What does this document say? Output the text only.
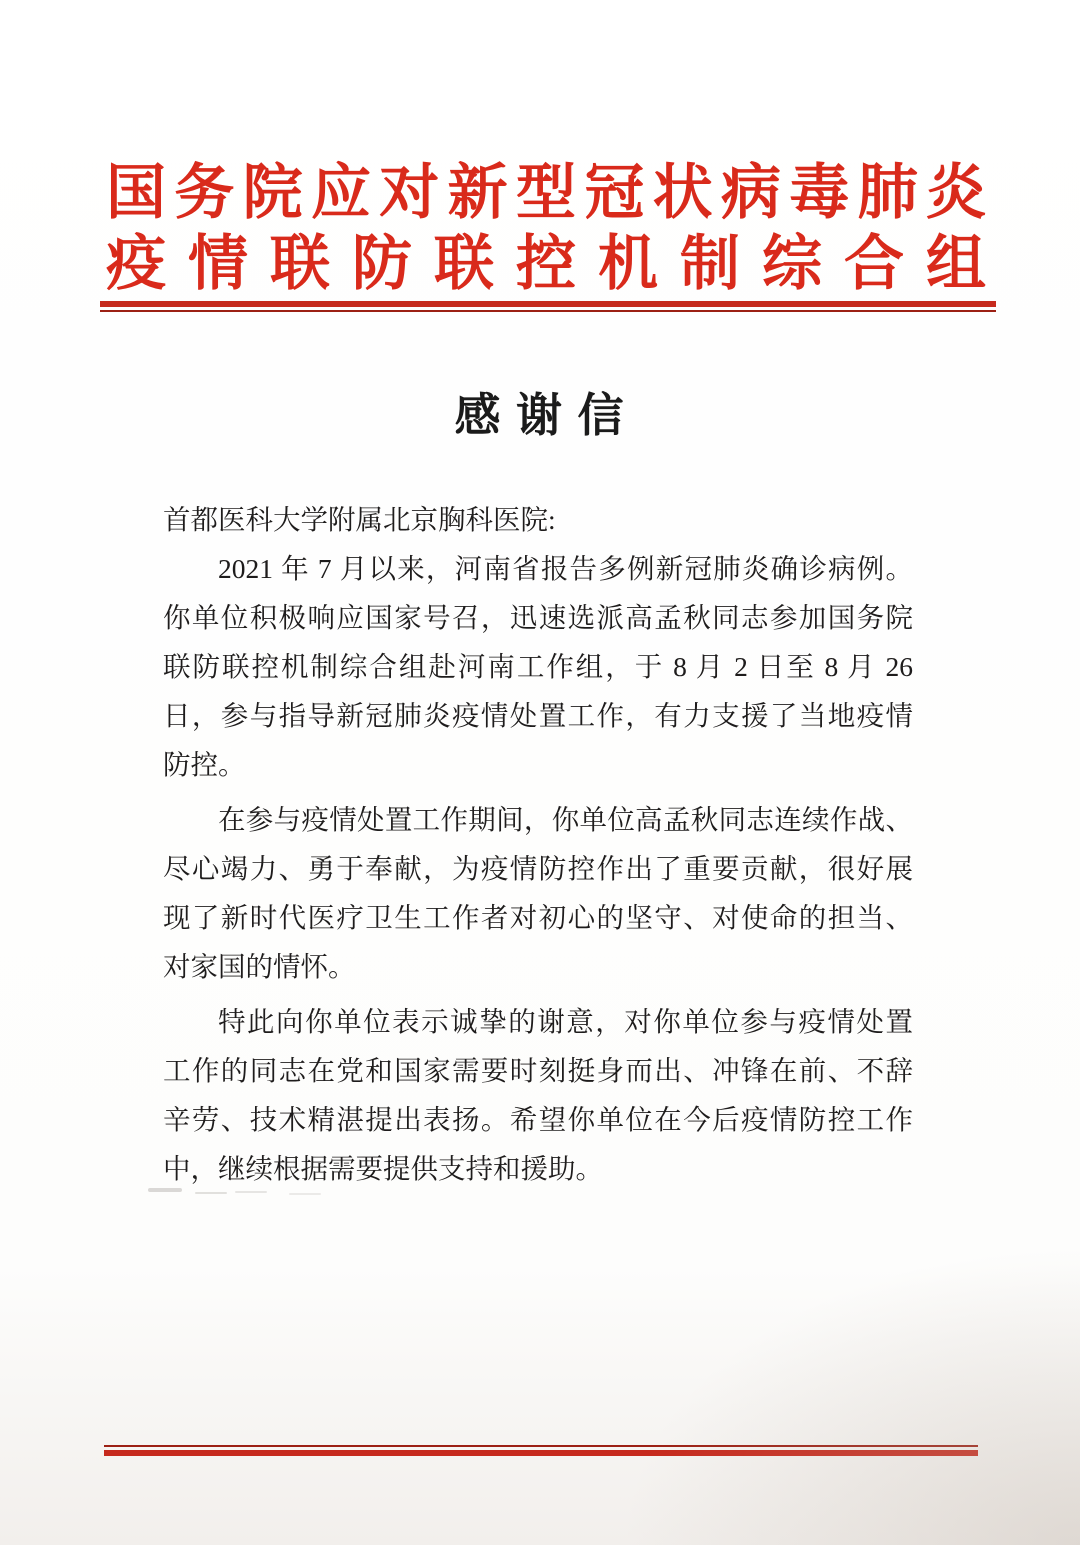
国务院应对新型冠状病毒肺炎
疫情联防联控机制综合组
感 谢 信
首都医科大学附属北京胸科医院:
2021 年 7 月以来，河南省报告多例新冠肺炎确诊病例。
你单位积极响应国家号召，迅速选派高孟秋同志参加国务院
联防联控机制综合组赴河南工作组，于 8 月 2 日至 8 月 26
日，参与指导新冠肺炎疫情处置工作，有力支援了当地疫情
防控。
在参与疫情处置工作期间，你单位高孟秋同志连续作战、
尽心竭力、勇于奉献，为疫情防控作出了重要贡献，很好展
现了新时代医疗卫生工作者对初心的坚守、对使命的担当、
对家国的情怀。
特此向你单位表示诚挚的谢意，对你单位参与疫情处置
工作的同志在党和国家需要时刻挺身而出、冲锋在前、不辞
辛劳、技术精湛提出表扬。希望你单位在今后疫情防控工作
中，继续根据需要提供支持和援助。
